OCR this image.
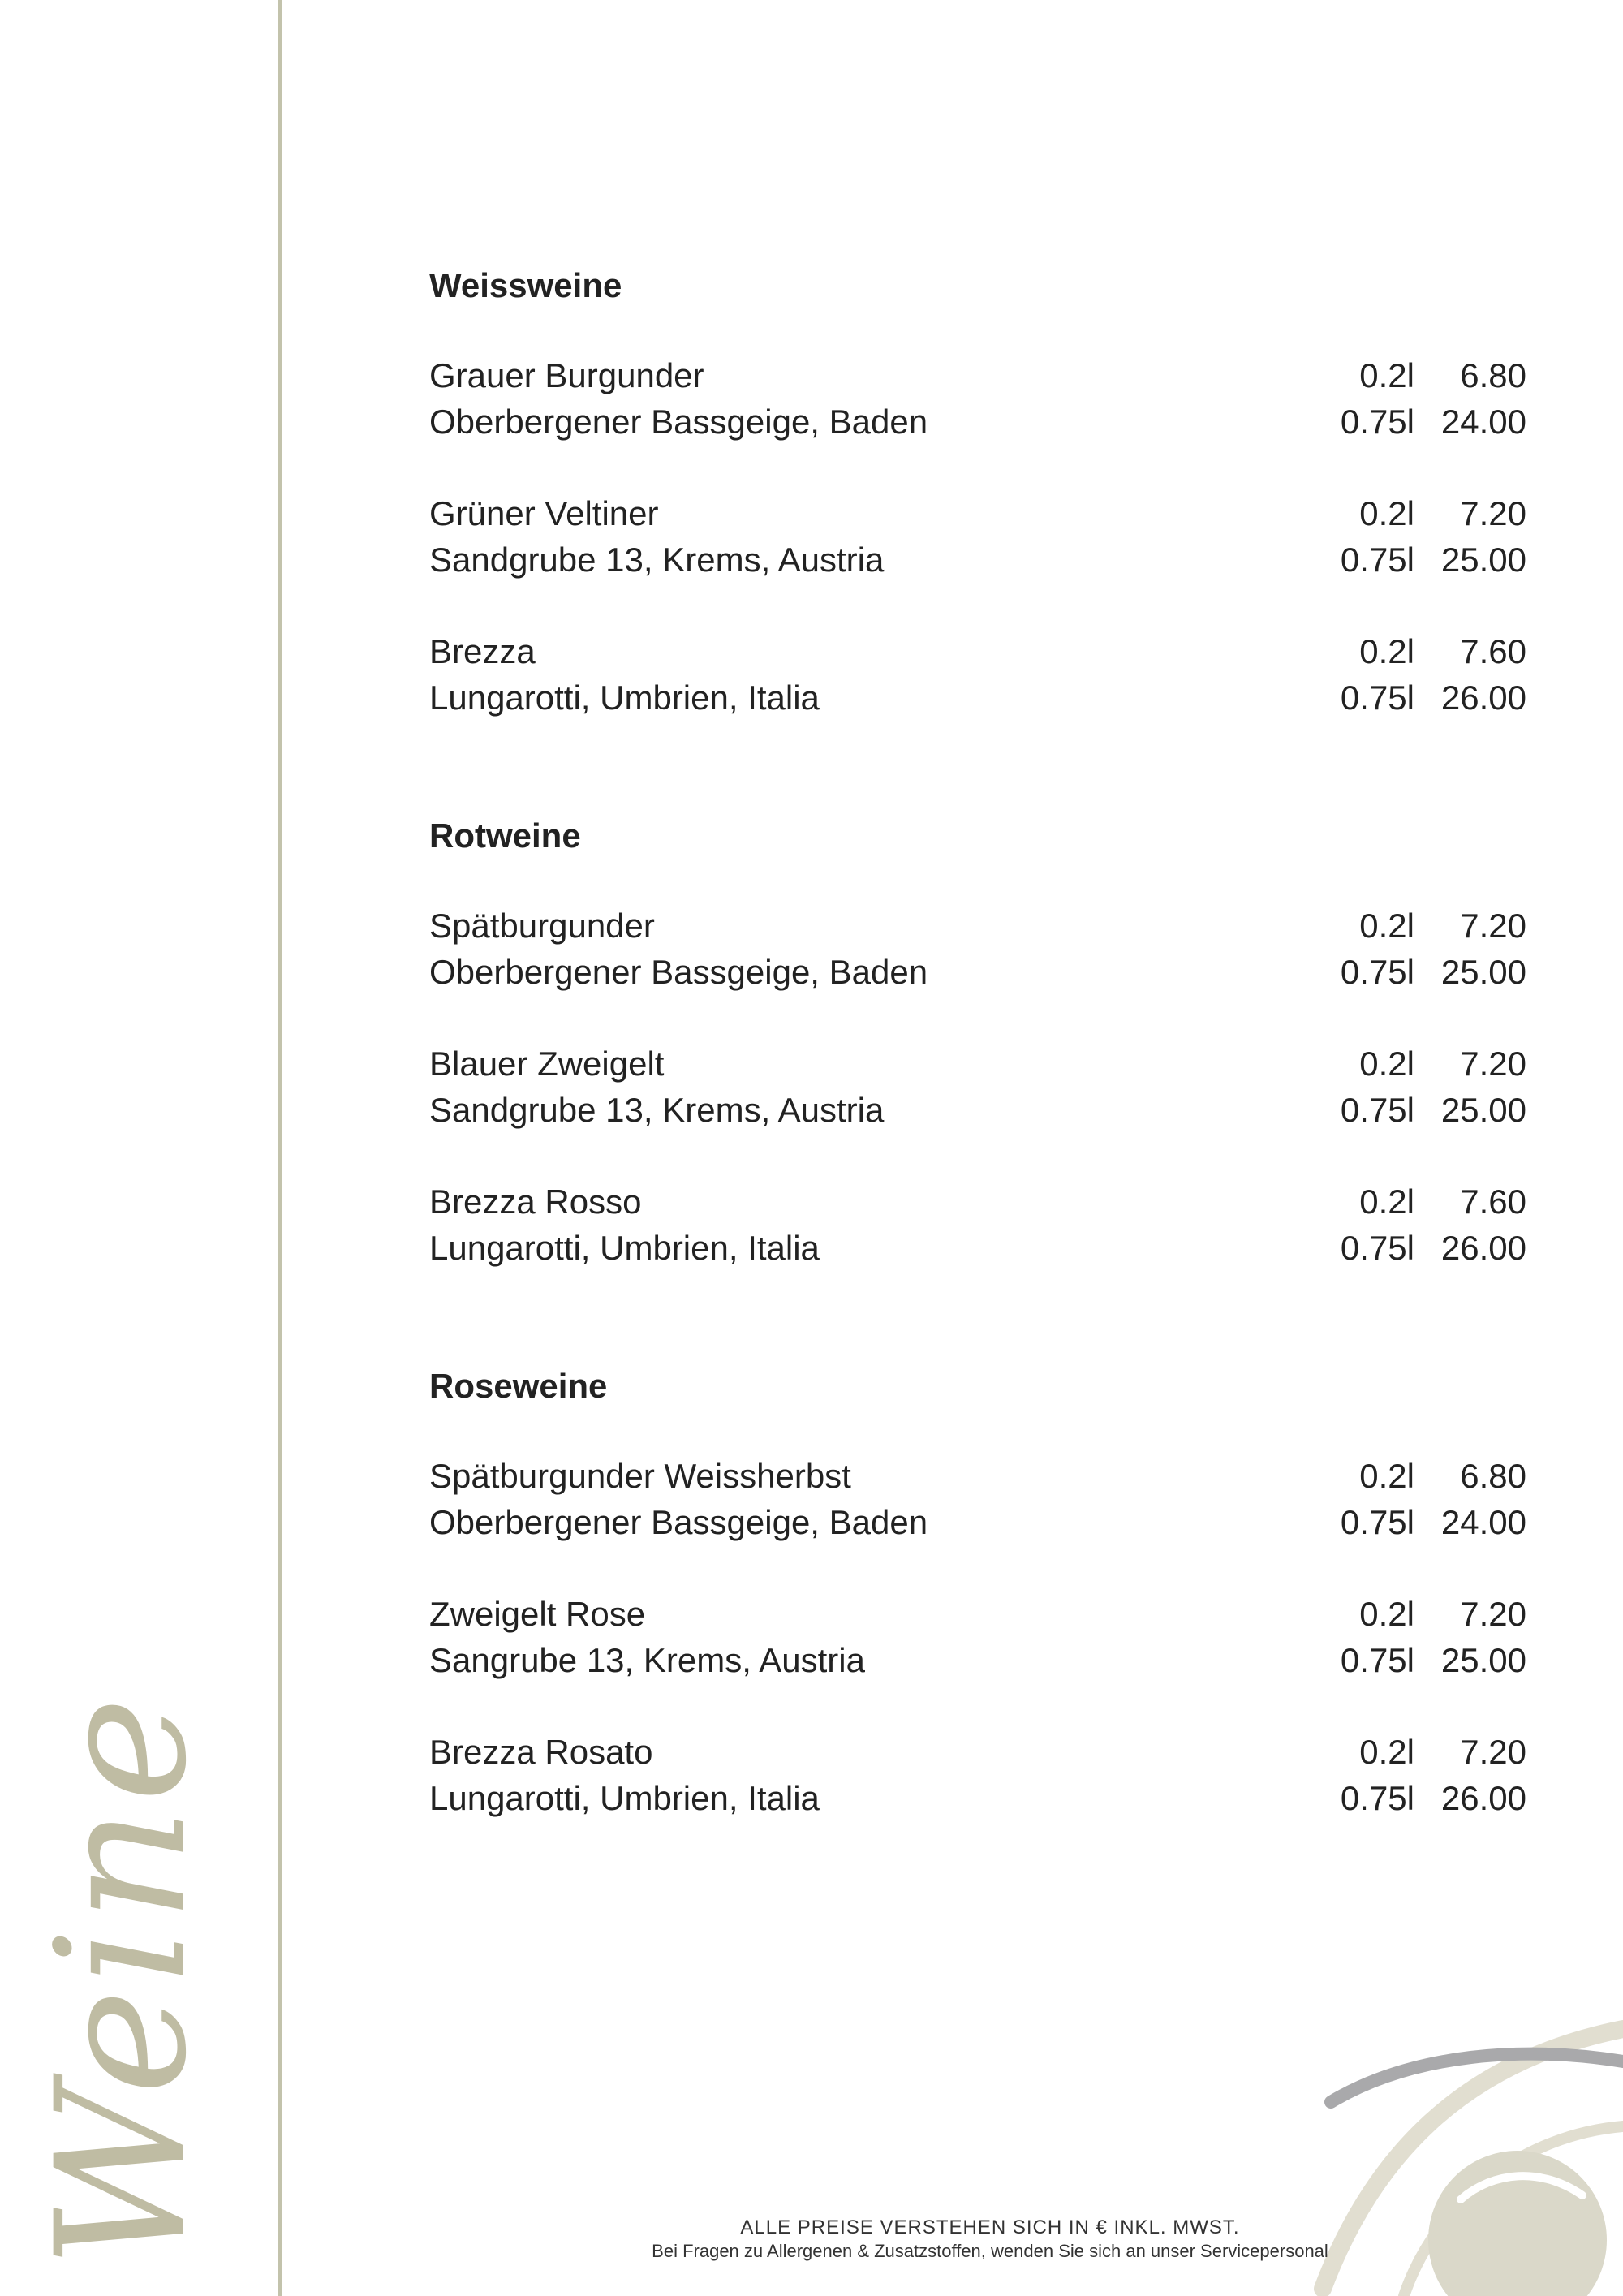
Weine
Weissweine
Grauer Burgunder	0.2l	6.80
Oberbergener Bassgeige, Baden	0.75l 24.00
Grüner Veltiner	0.2l	7.20
Sandgrube 13, Krems, Austria	0.75l 25.00
Brezza	0.2l	7.60
Lungarotti, Umbrien, Italia	0.75l 26.00
Rotweine
Spätburgunder	0.2l	7.20
Oberbergener Bassgeige, Baden	0.75l 25.00
Blauer Zweigelt	0.2l	7.20
Sandgrube 13, Krems, Austria	0.75l 25.00
Brezza Rosso	0.2l	7.60
Lungarotti, Umbrien, Italia	0.75l 26.00
Roseweine
Spätburgunder Weissherbst	0.2l	6.80
Oberbergener Bassgeige, Baden	0.75l 24.00
Zweigelt Rose	0.2l	7.20
Sangrube 13, Krems, Austria	0.75l 25.00
Brezza Rosato	0.2l	7.20
Lungarotti, Umbrien, Italia	0.75l 26.00
ALLE PREISE VERSTEHEN SICH IN € INKL. MWST.
Bei Fragen zu Allergenen & Zusatzstoffen, wenden Sie sich an unser Servicepersonal
